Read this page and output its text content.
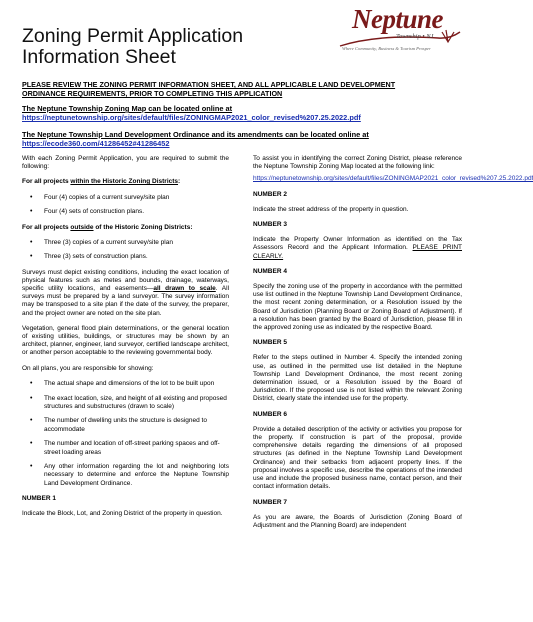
Zoning Permit Application
Information Sheet
Neptune
Township • NJ
Where Community, Business & Tourism Prosper
PLEASE REVIEW THE ZONING PERMIT INFORMATION SHEET, AND ALL APPLICABLE LAND DEVELOPMENT
ORDINANCE REQUIREMENTS, PRIOR TO COMPLETING THIS APPLICATION
The Neptune Township Zoning Map can be located online at
https://neptunetownship.org/sites/default/files/ZONINGMAP2021_color_revised%207.25.2022.pdf
The Neptune Township Land Development Ordinance and its amendments can be located online at
https://ecode360.com/41286452#41286452

With each Zoning Permit Application, you are required to submit the following:

For all projects within the Historic Zoning Districts:

• Four (4) copies of a current survey/site plan
• Four (4) sets of construction plans.

For all projects outside of the Historic Zoning Districts:

• Three (3) copies of a current survey/site plan
• Three (3) sets of construction plans.

Surveys must depict existing conditions, including the exact location of physical features such as metes and bounds, drainage, waterways, specific utility locations, and easements—all drawn to scale. All surveys must be prepared by a land surveyor. The survey information may be transposed to a site plan if the date of the survey, the preparer, and the project owner are noted on the site plan.

Vegetation, general flood plain determinations, or the general location of existing utilities, buildings, or structures may be shown by an architect, planner, engineer, land surveyor, certified landscape architect, or another person acceptable to the reviewing governmental body.

On all plans, you are responsible for showing:

• The actual shape and dimensions of the lot to be built upon
• The exact location, size, and height of all existing and proposed structures and substructures (drawn to scale)
• The number of dwelling units the structure is designed to accommodate
• The number and location of off-street parking spaces and off-street loading areas
• Any other information regarding the lot and neighboring lots necessary to determine and enforce the Neptune Township Land Development Ordinance.

NUMBER 1

Indicate the Block, Lot, and Zoning District of the property in question.

To assist you in identifying the correct Zoning District, please reference the Neptune Township Zoning Map located at the following link:

https://neptunetownship.org/sites/default/files/ZONINGMAP2021_color_revised%207.25.2022.pdf

NUMBER 2

Indicate the street address of the property in question.

NUMBER 3

Indicate the Property Owner Information as identified on the Tax Assessors Record and the Applicant Information. PLEASE PRINT CLEARLY.

NUMBER 4

Specify the zoning use of the property in accordance with the permitted use list outlined in the Neptune Township Land Development Ordinance, the most recent zoning determination, or a Resolution issued by the Board of Jurisdiction (Planning Board or Zoning Board of Adjustment). If a resolution has been granted by the Board of Jurisdiction, please fill in the approved zoning use as indicated by the respective Board.

NUMBER 5

Refer to the steps outlined in Number 4. Specify the intended zoning use, as outlined in the permitted use list detailed in the Neptune Township Land Development Ordinance, the most recent zoning determination issued, or a Resolution issued by the Board of Jurisdiction. If the proposed use is not listed within the relevant Zoning District, clearly state the intended use for the property.

NUMBER 6

Provide a detailed description of the activity or activities you propose for the property. If construction is part of the proposal, provide comprehensive details regarding the dimensions of all proposed structures (as defined in the Neptune Township Land Development Ordinance) and their setbacks from adjacent property lines. If the proposal involves a specific use, describe the operations of the intended use and include the proposed business name, contact person, and their contact information details.

NUMBER 7

As you are aware, the Boards of Jurisdiction (Zoning Board of Adjustment and the Planning Board) are independent
